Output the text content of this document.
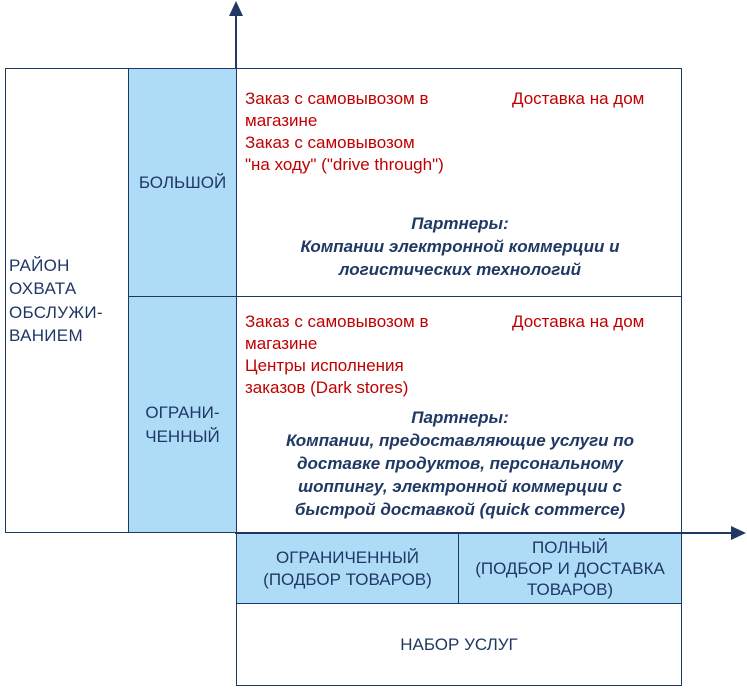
РАЙОН
ОХВАТА
ОБСЛУЖИ-
ВАНИЕМ
БОЛЬШОЙ
ОГРАНИ-
ЧЕННЫЙ
Заказ с самовывозом в
магазине
Заказ с самовывозом
"на ходу" ("drive through")
Доставка на дом
Партнеры:
Компании электронной коммерции и
логистических технологий
Заказ с самовывозом в
магазине
Центры исполнения
заказов (Dark stores)
Доставка на дом
Партнеры:
Компании, предоставляющие услуги по
доставке продуктов, персональному
шоппингу, электронной коммерции с
быстрой доставкой (quick commerce)
ОГРАНИЧЕННЫЙ
(ПОДБОР ТОВАРОВ)
ПОЛНЫЙ
(ПОДБОР И ДОСТАВКА
ТОВАРОВ)
НАБОР УСЛУГ
